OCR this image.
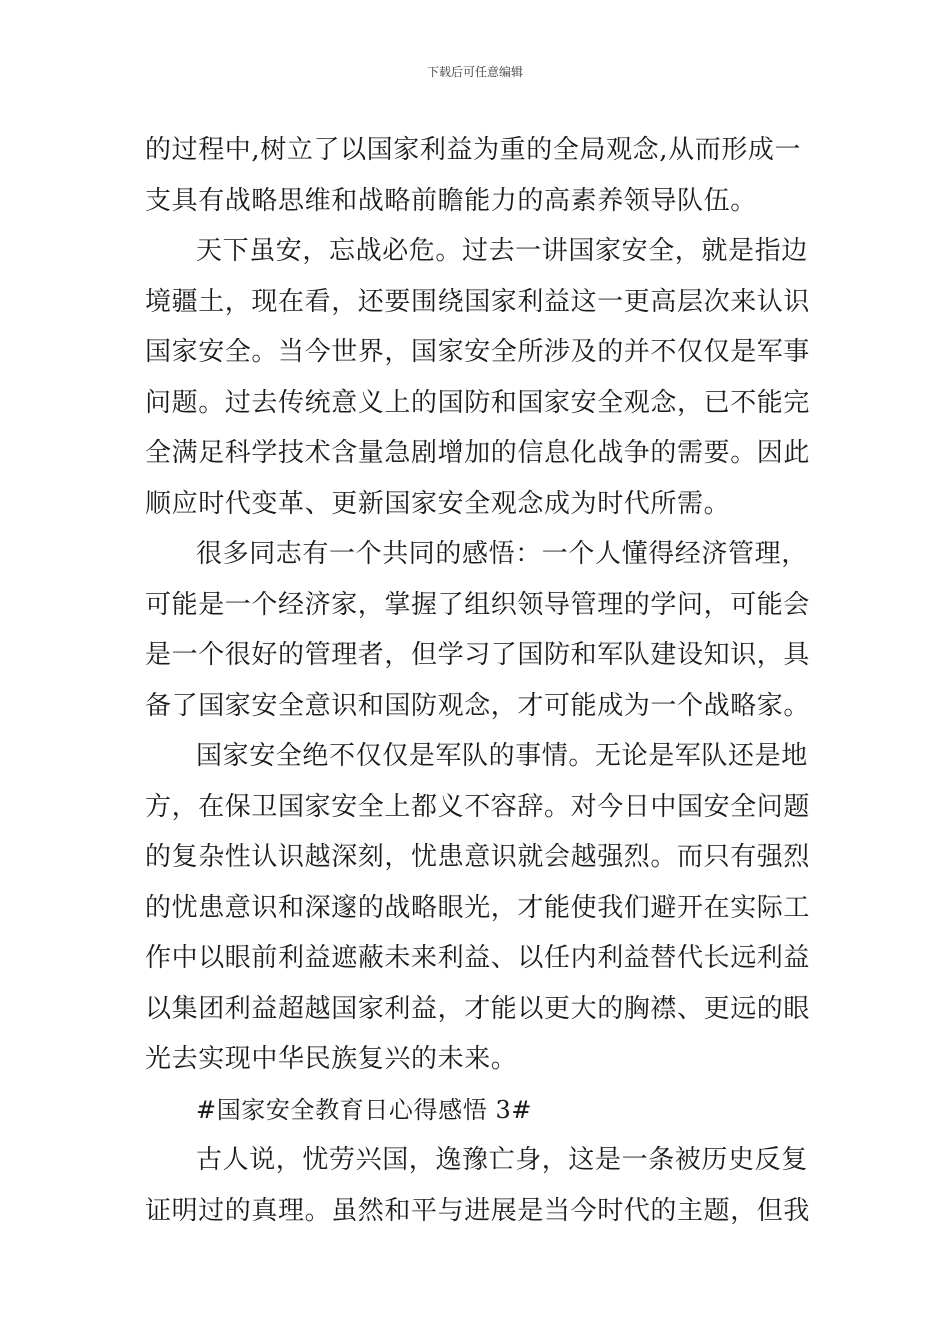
下载后可任意编辑
的过程中,树立了以国家利益为重的全局观念,从而形成一
支具有战略思维和战略前瞻能力的高素养领导队伍。
天下虽安，忘战必危。过去一讲国家安全，就是指边
境疆土，现在看，还要围绕国家利益这一更高层次来认识
国家安全。当今世界，国家安全所涉及的并不仅仅是军事
问题。过去传统意义上的国防和国家安全观念，已不能完
全满足科学技术含量急剧增加的信息化战争的需要。因此
顺应时代变革、更新国家安全观念成为时代所需。
很多同志有一个共同的感悟：一个人懂得经济管理，
可能是一个经济家，掌握了组织领导管理的学问，可能会
是一个很好的管理者，但学习了国防和军队建设知识，具
备了国家安全意识和国防观念，才可能成为一个战略家。
国家安全绝不仅仅是军队的事情。无论是军队还是地
方，在保卫国家安全上都义不容辞。对今日中国安全问题
的复杂性认识越深刻，忧患意识就会越强烈。而只有强烈
的忧患意识和深邃的战略眼光，才能使我们避开在实际工
作中以眼前利益遮蔽未来利益、以任内利益替代长远利益
以集团利益超越国家利益，才能以更大的胸襟、更远的眼
光去实现中华民族复兴的未来。
#国家安全教育日心得感悟 3#
古人说，忧劳兴国，逸豫亡身，这是一条被历史反复
证明过的真理。虽然和平与进展是当今时代的主题，但我
